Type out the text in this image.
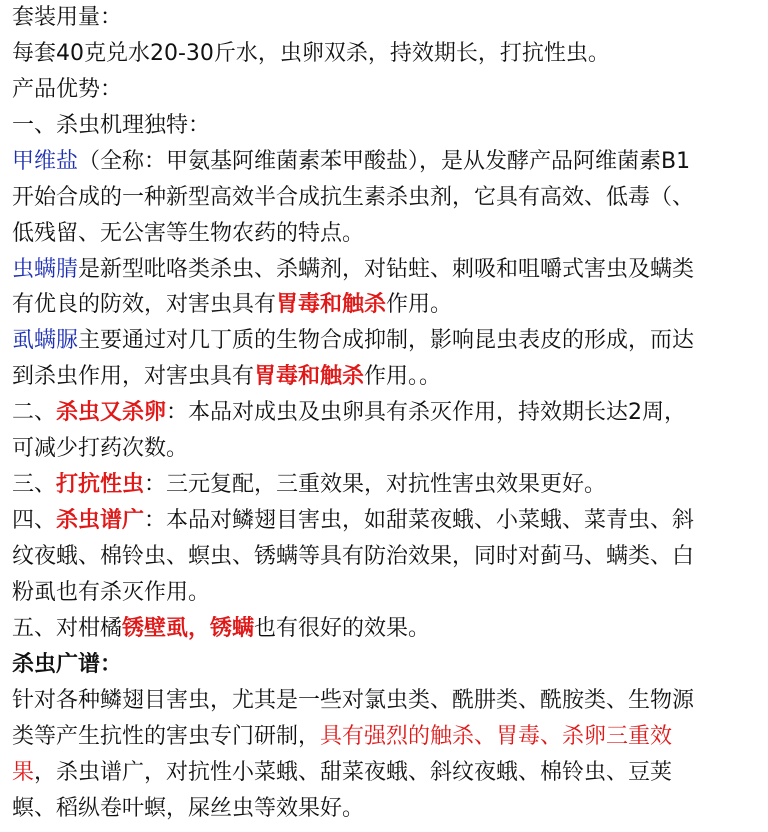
套装用量：
每套40克兑水20-30斤水，虫卵双杀，持效期长，打抗性虫。
产品优势：
一、杀虫机理独特：
甲维盐（全称：甲氨基阿维菌素苯甲酸盐），是从发酵产品阿维菌素B1
开始合成的一种新型高效半合成抗生素杀虫剂，它具有高效、低毒（、
低残留、无公害等生物农药的特点。
虫螨腈是新型吡咯类杀虫、杀螨剂，对钻蛀、刺吸和咀嚼式害虫及螨类
有优良的防效，对害虫具有胃毒和触杀作用。
虱螨脲主要通过对几丁质的生物合成抑制，影响昆虫表皮的形成，而达
到杀虫作用，对害虫具有胃毒和触杀作用。。
二、杀虫又杀卵：本品对成虫及虫卵具有杀灭作用，持效期长达2周，
可减少打药次数。
三、打抗性虫：三元复配，三重效果，对抗性害虫效果更好。
四、杀虫谱广：本品对鳞翅目害虫，如甜菜夜蛾、小菜蛾、菜青虫、斜
纹夜蛾、棉铃虫、螟虫、锈螨等具有防治效果，同时对蓟马、螨类、白
粉虱也有杀灭作用。
五、对柑橘锈壁虱，锈螨也有很好的效果。
杀虫广谱：
针对各种鳞翅目害虫，尤其是一些对氯虫类、酰肼类、酰胺类、生物源
类等产生抗性的害虫专门研制，具有强烈的触杀、胃毒、杀卵三重效
果，杀虫谱广，对抗性小菜蛾、甜菜夜蛾、斜纹夜蛾、棉铃虫、豆荚
螟、稻纵卷叶螟，屎丝虫等效果好。
